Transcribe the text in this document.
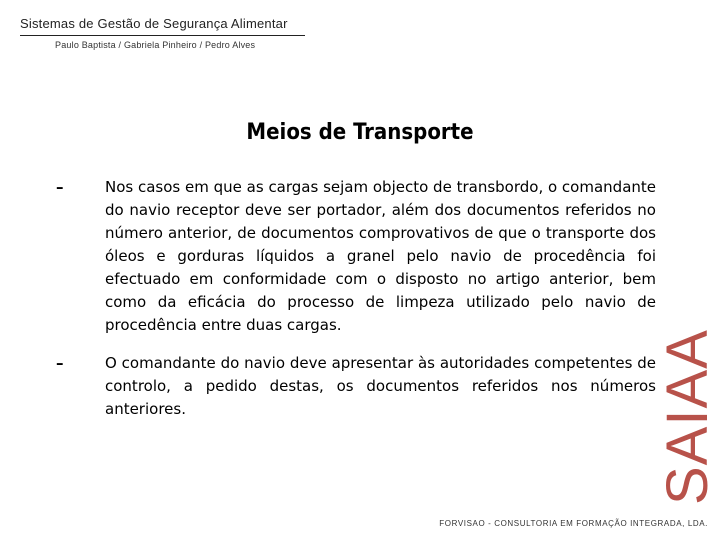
Sistemas de Gestão de Segurança Alimentar
Paulo Baptista / Gabriela Pinheiro / Pedro Alves
Meios de Transporte
–	Nos casos em que as cargas sejam objecto de transbordo, o comandante do navio receptor deve ser portador, além dos documentos referidos no número anterior, de documentos comprovativos de que o transporte dos óleos e gorduras líquidos a granel pelo navio de procedência foi efectuado em conformidade com o disposto no artigo anterior, bem como da eficácia do processo de limpeza utilizado pelo navio de procedência entre duas cargas.
–	O comandante do navio deve apresentar às autoridades competentes de controlo, a pedido destas, os documentos referidos nos números anteriores.	SAIAA
FORVISAO - CONSULTORIA EM FORMAÇÃO INTEGRADA, LDA.
